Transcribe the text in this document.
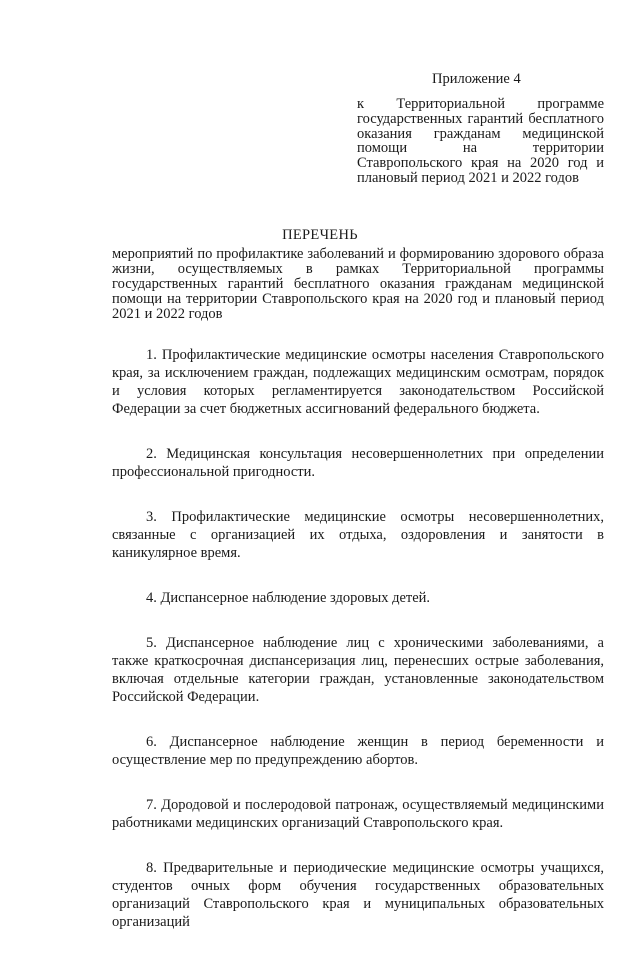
Приложение 4
к Территориальной программе государственных гарантий бесплатного оказания гражданам медицинской помощи на территории Ставропольского края на 2020 год и плановый период 2021 и 2022 годов
ПЕРЕЧЕНЬ
мероприятий по профилактике заболеваний и формированию здорового образа жизни, осуществляемых в рамках Территориальной программы государственных гарантий бесплатного оказания гражданам медицинской помощи на территории Ставропольского края на 2020 год и плановый период 2021 и 2022 годов

1. Профилактические медицинские осмотры населения Ставропольского края, за исключением граждан, подлежащих медицинским осмотрам, порядок и условия которых регламентируется законодательством Российской Федерации за счет бюджетных ассигнований федерального бюджета.

2. Медицинская консультация несовершеннолетних при определении профессиональной пригодности.

3. Профилактические медицинские осмотры несовершеннолетних, связанные с организацией их отдыха, оздоровления и занятости в каникулярное время.

4. Диспансерное наблюдение здоровых детей.

5. Диспансерное наблюдение лиц с хроническими заболеваниями, а также краткосрочная диспансеризация лиц, перенесших острые заболевания, включая отдельные категории граждан, установленные законодательством Российской Федерации.

6. Диспансерное наблюдение женщин в период беременности и осуществление мер по предупреждению абортов.

7. Дородовой и послеродовой патронаж, осуществляемый медицинскими работниками медицинских организаций Ставропольского края.

8. Предварительные и периодические медицинские осмотры учащихся, студентов очных форм обучения государственных образовательных организаций Ставропольского края и муниципальных образовательных организаций
